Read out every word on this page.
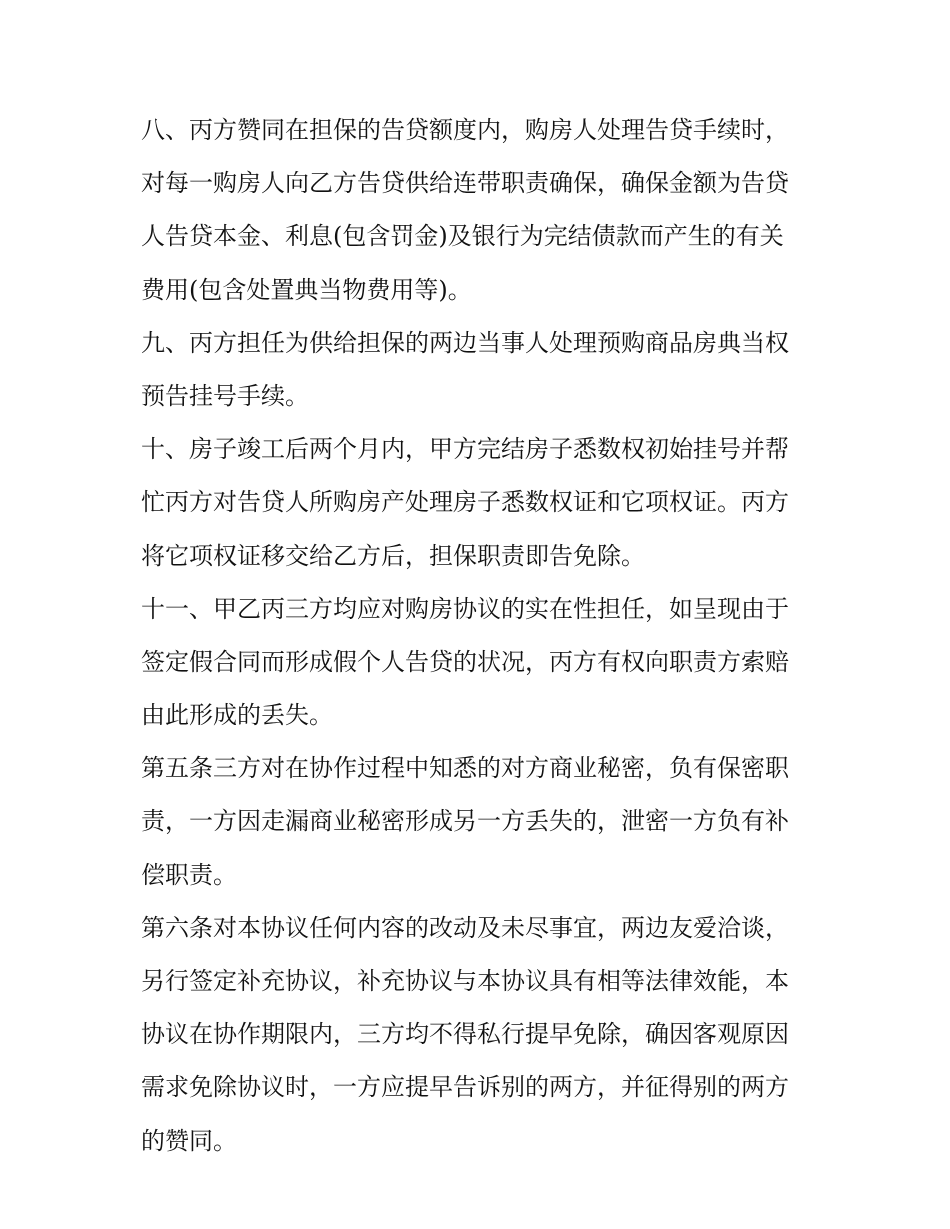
八、丙方赞同在担保的告贷额度内，购房人处理告贷手续时，
对每一购房人向乙方告贷供给连带职责确保，确保金额为告贷
人告贷本金、利息(包含罚金)及银行为完结债款而产生的有关
费用(包含处置典当物费用等)。
九、丙方担任为供给担保的两边当事人处理预购商品房典当权
预告挂号手续。
十、房子竣工后两个月内，甲方完结房子悉数权初始挂号并帮
忙丙方对告贷人所购房产处理房子悉数权证和它项权证。丙方
将它项权证移交给乙方后，担保职责即告免除。
十一、甲乙丙三方均应对购房协议的实在性担任，如呈现由于
签定假合同而形成假个人告贷的状况，丙方有权向职责方索赔
由此形成的丢失。
第五条三方对在协作过程中知悉的对方商业秘密，负有保密职
责，一方因走漏商业秘密形成另一方丢失的，泄密一方负有补
偿职责。
第六条对本协议任何内容的改动及未尽事宜，两边友爱洽谈，
另行签定补充协议，补充协议与本协议具有相等法律效能，本
协议在协作期限内，三方均不得私行提早免除，确因客观原因
需求免除协议时，一方应提早告诉别的两方，并征得别的两方
的赞同。
